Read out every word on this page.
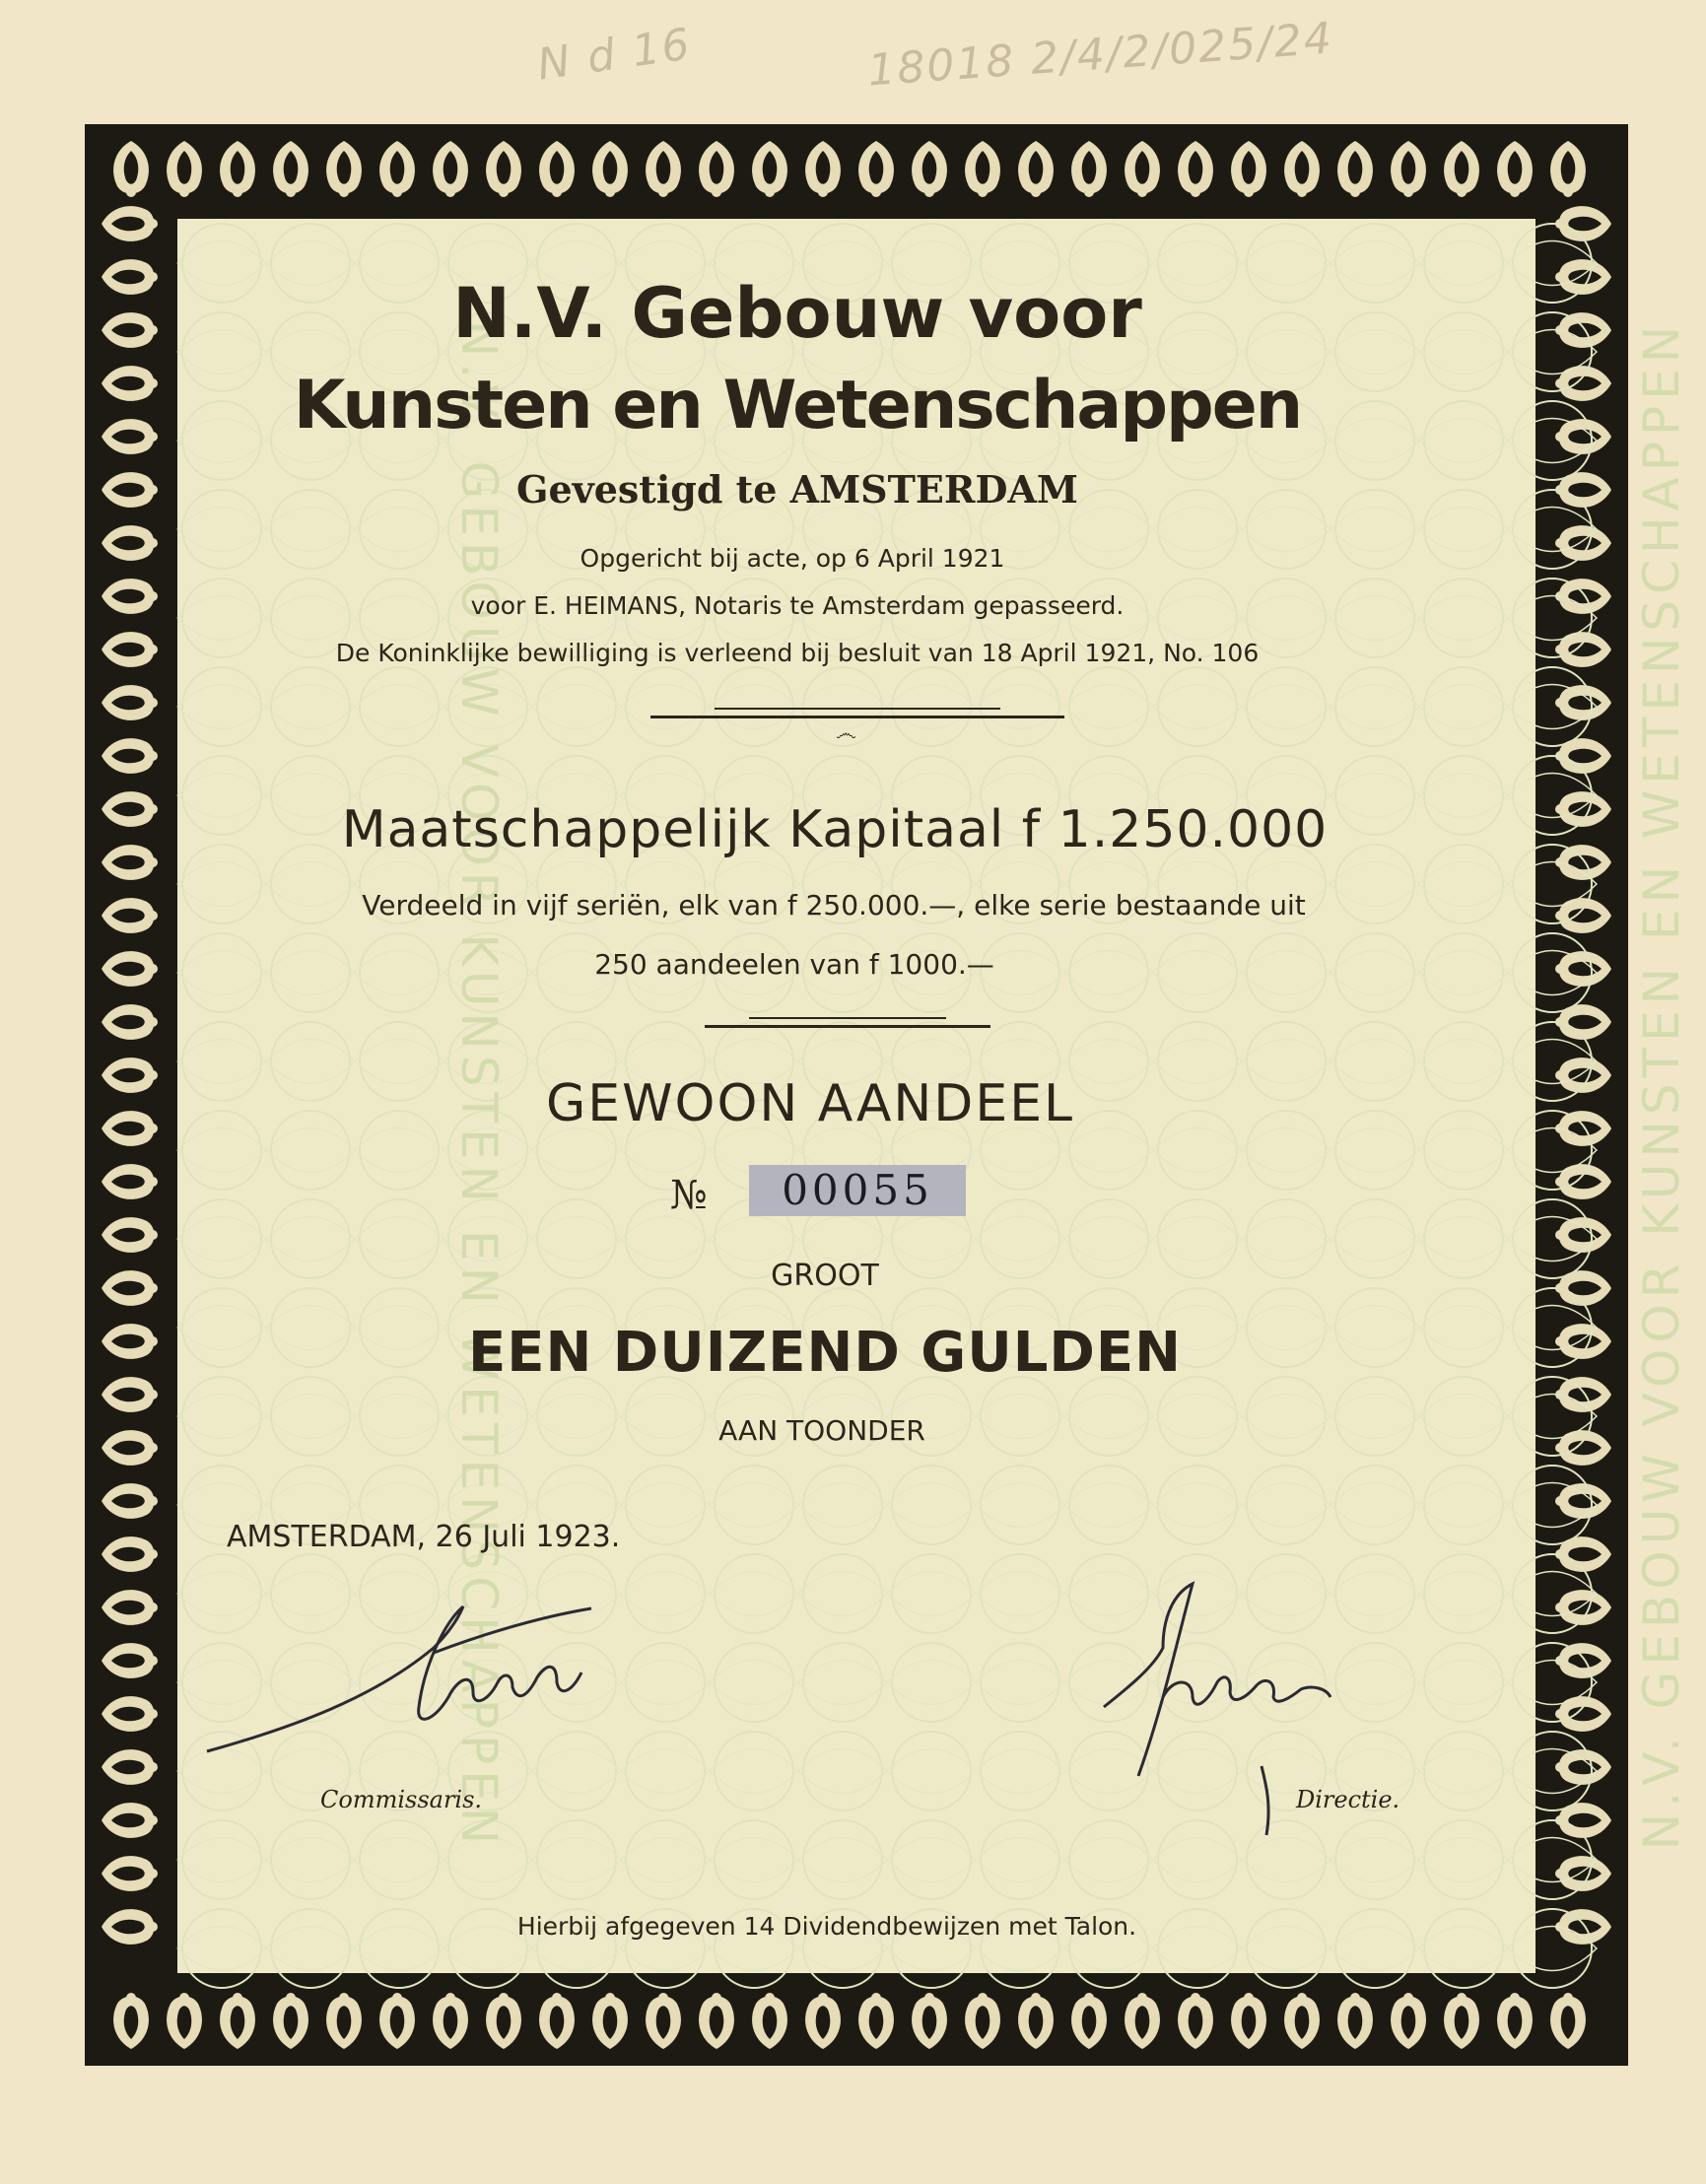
N d 16	18018 2/4/2/025/24
N.V. GEBOUW VOOR KUNSTEN EN WETENSCHAPPEN	N.V. GEBOUW VOOR KUNSTEN EN WETENSCHAPPEN
N.V. Gebouw voor
Kunsten en Wetenschappen
Gevestigd te AMSTERDAM
Opgericht bij acte, op 6 April 1921
voor E. HEIMANS, Notaris te Amsterdam gepasseerd.
De Koninklijke bewilliging is verleend bij besluit van 18 April 1921, No. 106
෴
Maatschappelijk Kapitaal f 1.250.000
Verdeeld in vijf seriën, elk van f 250.000.—, elke serie bestaande uit
250 aandeelen van f 1000.—
GEWOON AANDEEL
№	00055
GROOT
EEN DUIZEND GULDEN
AAN TOONDER
AMSTERDAM, 26 Juli 1923.
Commissaris.	Directie.
Hierbij afgegeven 14 Dividendbewijzen met Talon.
